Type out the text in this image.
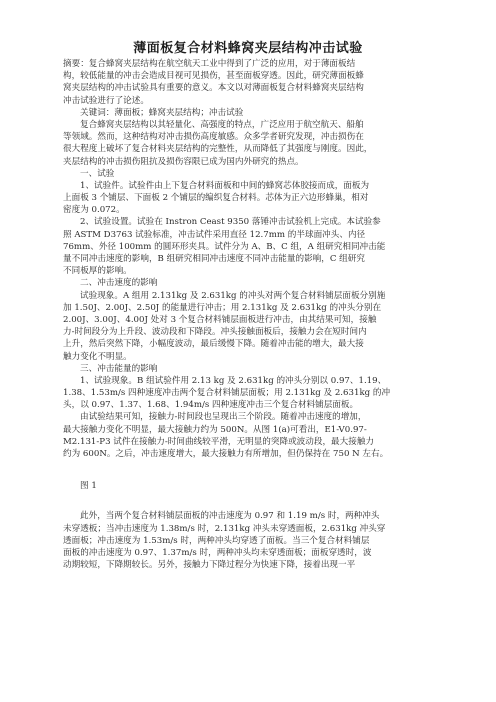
薄面板复合材料蜂窝夹层结构冲击试验
摘要：复合蜂窝夹层结构在航空航天工业中得到了广泛的应用，对于薄面板结
构，较低能量的冲击会造成目视可见损伤，甚至面板穿透。因此，研究薄面板蜂
窝夹层结构的冲击试验具有重要的意义。本文以对薄面板复合材料蜂窝夹层结构
冲击试验进行了论述。
关键词：薄面板；蜂窝夹层结构；冲击试验
复合蜂窝夹层结构以其轻量化、高强度的特点，广泛应用于航空航天、船舶
等领域。然而，这种结构对冲击损伤高度敏感。众多学者研究发现，冲击损伤在
很大程度上破坏了复合材料夹层结构的完整性，从而降低了其强度与刚度。因此，
夹层结构的冲击损伤阻抗及损伤容限已成为国内外研究的热点。
一、试验
1、试验件。试验件由上下复合材料面板和中间的蜂窝芯体胶接而成，面板为
上面板 3 个铺层、下面板 2 个铺层的编织复合材料。芯体为正六边形蜂巢，相对
密度为 0.072。
2、试验设置。试验在 Instron Ceast 9350 落锤冲击试验机上完成。本试验参
照 ASTM D3763 试验标准，冲击试件采用直径 12.7mm 的半球面冲头、内径
76mm、外径 100mm 的圆环形夹具。试件分为 A、B、C 组，A 组研究相同冲击能
量不同冲击速度的影响，B 组研究相同冲击速度不同冲击能量的影响，C 组研究
不同板厚的影响。
二、冲击速度的影响
试验现象。A 组用 2.131kg 及 2.631kg 的冲头对两个复合材料铺层面板分别施
加 1.50J、2.00J、2.50J 的能量进行冲击；用 2.131kg 及 2.631kg 的冲头分别在
2.00J、3.00J、4.00J 处对 3 个复合材料铺层面板进行冲击，由其结果可知，接触
力-时间段分为上升段、波动段和下降段。冲头接触面板后，接触力会在短时间内
上升，然后突然下降，小幅度波动，最后缓慢下降。随着冲击能的增大，最大接
触力变化不明显。
三、冲击能量的影响
1、试验现象。B 组试验件用 2.13 kg 及 2.631kg 的冲头分别以 0.97、1.19、
1.38、1.53m/s 四种速度冲击两个复合材料铺层面板；用 2.131kg 及 2.631kg 的冲
头，以 0.97、1.37、1.68、1.94m/s 四种速度冲击三个复合材料铺层面板。
由试验结果可知，接触力-时间段也呈现出三个阶段。随着冲击速度的增加，
最大接触力变化不明显，最大接触力约为 500N。从图 1(a)可看出，E1-V0.97-
M2.131-P3 试件在接触力-时间曲线较平滑，无明显的突降或波动段，最大接触力
约为 600N。之后，冲击速度增大，最大接触力有所增加，但仍保持在 750 N 左右。
图 1
此外，当两个复合材料铺层面板的冲击速度为 0.97 和 1.19 m/s 时，两种冲头
未穿透板；当冲击速度为 1.38m/s 时，2.131kg 冲头未穿透面板，2.631kg 冲头穿
透面板；冲击速度为 1.53m/s 时，两种冲头均穿透了面板。当三个复合材料铺层
面板的冲击速度为 0.97、1.37m/s 时，两种冲头均未穿透面板；面板穿透时，波
动期较短，下降期较长。另外，接触力下降过程分为快速下降，接着出现一平
